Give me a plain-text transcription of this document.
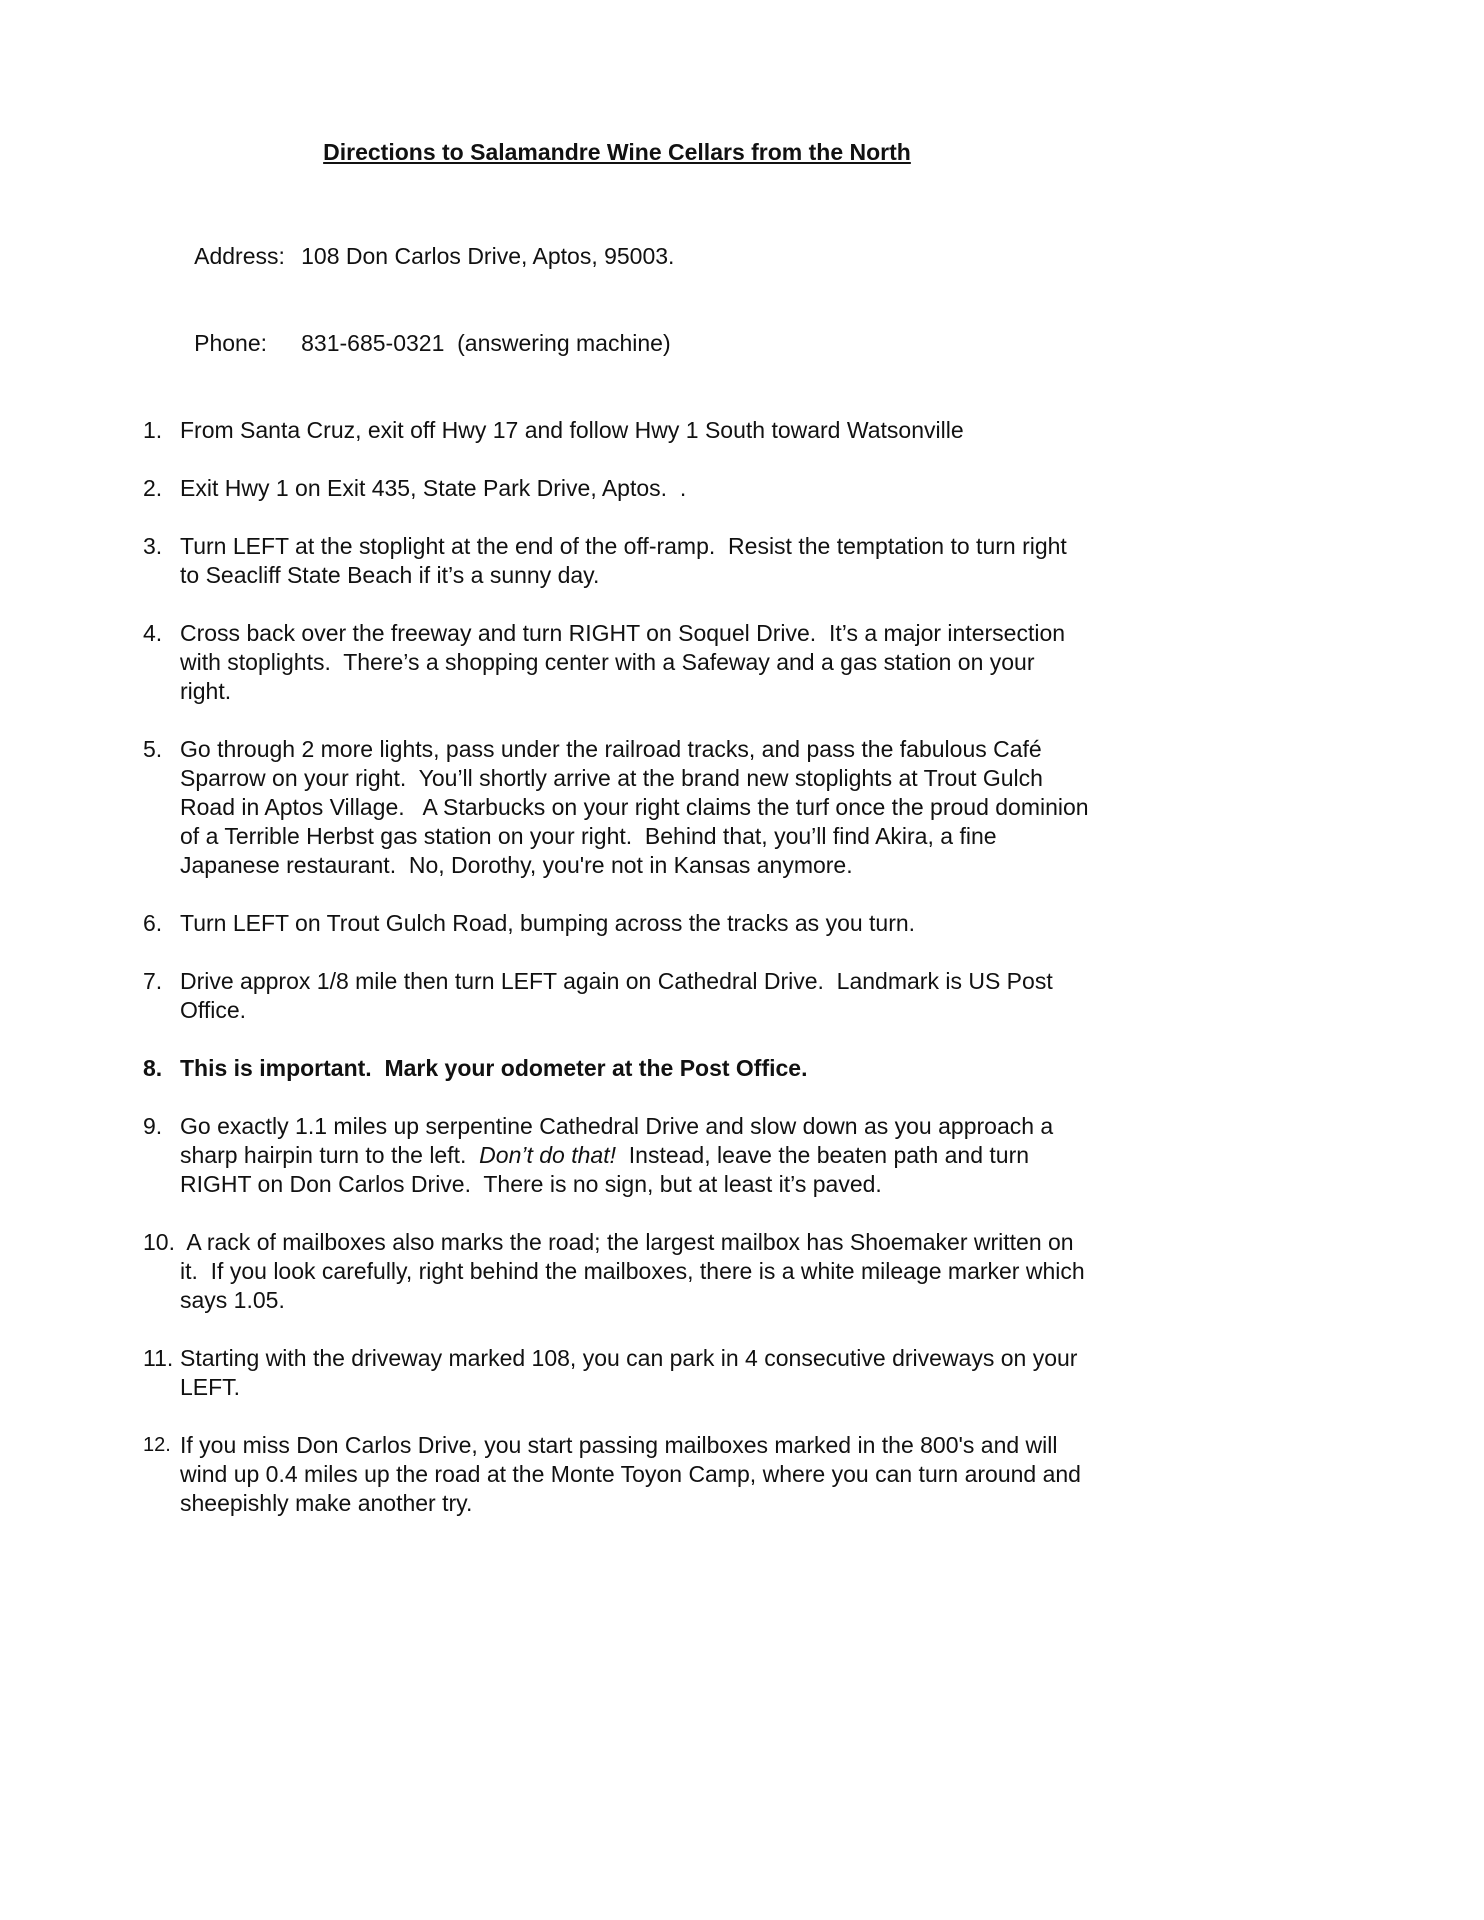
Directions to Salamandre Wine Cellars from the North

Address: 108 Don Carlos Drive, Aptos, 95003.

Phone: 831-685-0321  (answering machine)

1. From Santa Cruz, exit off Hwy 17 and follow Hwy 1 South toward Watsonville
2. Exit Hwy 1 on Exit 435, State Park Drive, Aptos.  .
3. Turn LEFT at the stoplight at the end of the off-ramp.  Resist the temptation to turn right to Seacliff State Beach if it’s a sunny day.
4. Cross back over the freeway and turn RIGHT on Soquel Drive.  It’s a major intersection with stoplights.  There’s a shopping center with a Safeway and a gas station on your right.
5. Go through 2 more lights, pass under the railroad tracks, and pass the fabulous Café Sparrow on your right.  You’ll shortly arrive at the brand new stoplights at Trout Gulch Road in Aptos Village.   A Starbucks on your right claims the turf once the proud dominion of a Terrible Herbst gas station on your right.  Behind that, you’ll find Akira, a fine Japanese restaurant.  No, Dorothy, you're not in Kansas anymore.
6. Turn LEFT on Trout Gulch Road, bumping across the tracks as you turn.
7. Drive approx 1/8 mile then turn LEFT again on Cathedral Drive.  Landmark is US Post Office.
8. This is important.  Mark your odometer at the Post Office.
9. Go exactly 1.1 miles up serpentine Cathedral Drive and slow down as you approach a sharp hairpin turn to the left.  Don’t do that!  Instead, leave the beaten path and turn RIGHT on Don Carlos Drive.  There is no sign, but at least it’s paved.
10. A rack of mailboxes also marks the road; the largest mailbox has Shoemaker written on it.  If you look carefully, right behind the mailboxes, there is a white mileage marker which says 1.05.
11. Starting with the driveway marked 108, you can park in 4 consecutive driveways on your LEFT.
12. If you miss Don Carlos Drive, you start passing mailboxes marked in the 800's and will wind up 0.4 miles up the road at the Monte Toyon Camp, where you can turn around and sheepishly make another try.
